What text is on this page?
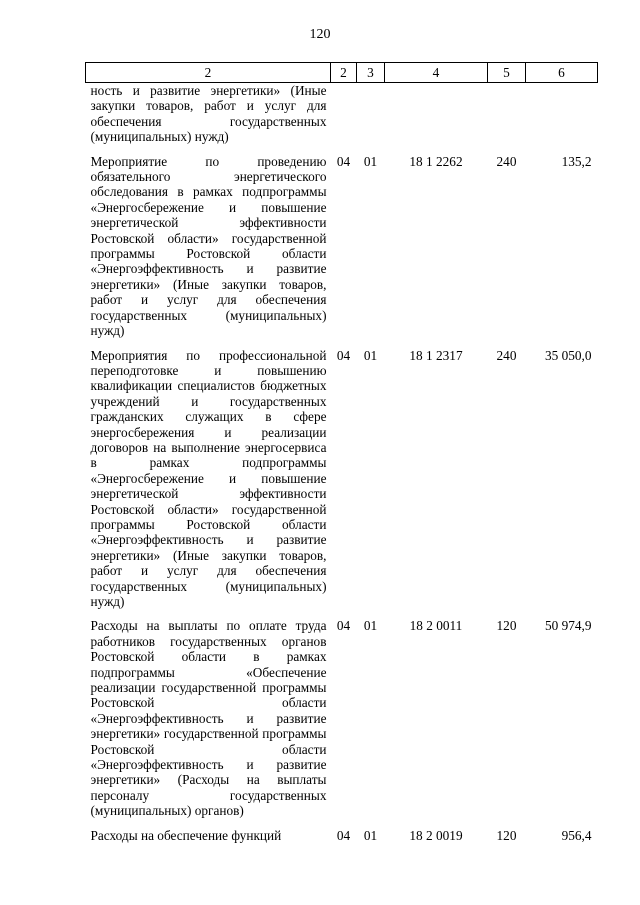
120
2	2	3	4	5	6
ность и развитие энергетики» (Иные закупки товаров, работ и услуг для обеспечения государственных (муниципальных) нужд)					
Мероприятие по проведению обязательного энергетического обследования в рамках подпрограммы «Энергосбережение и повышение энергетической эффективности Ростовской области» государственной программы Ростовской области «Энергоэффективность и развитие энергетики» (Иные закупки товаров, работ и услуг для обеспечения государственных (муниципальных) нужд)	04	01	18 1 2262	240	135,2
Мероприятия по профессиональной переподготовке и повышению квалификации специалистов бюджетных учреждений и государственных гражданских служащих в сфере энергосбережения и реализации договоров на выполнение энергосервиса в рамках подпрограммы «Энергосбережение и повышение энергетической эффективности Ростовской области» государственной программы Ростовской области «Энергоэффективность и развитие энергетики» (Иные закупки товаров, работ и услуг для обеспечения государственных (муниципальных) нужд)	04	01	18 1 2317	240	35 050,0
Расходы на выплаты по оплате труда работников государственных органов Ростовской области в рамках подпрограммы «Обеспечение реализации государственной программы Ростовской области «Энергоэффективность и развитие энергетики» государственной программы Ростовской области «Энергоэффективность и развитие энергетики» (Расходы на выплаты персоналу государственных (муниципальных) органов)	04	01	18 2 0011	120	50 974,9
Расходы на обеспечение функций	04	01	18 2 0019	120	956,4
